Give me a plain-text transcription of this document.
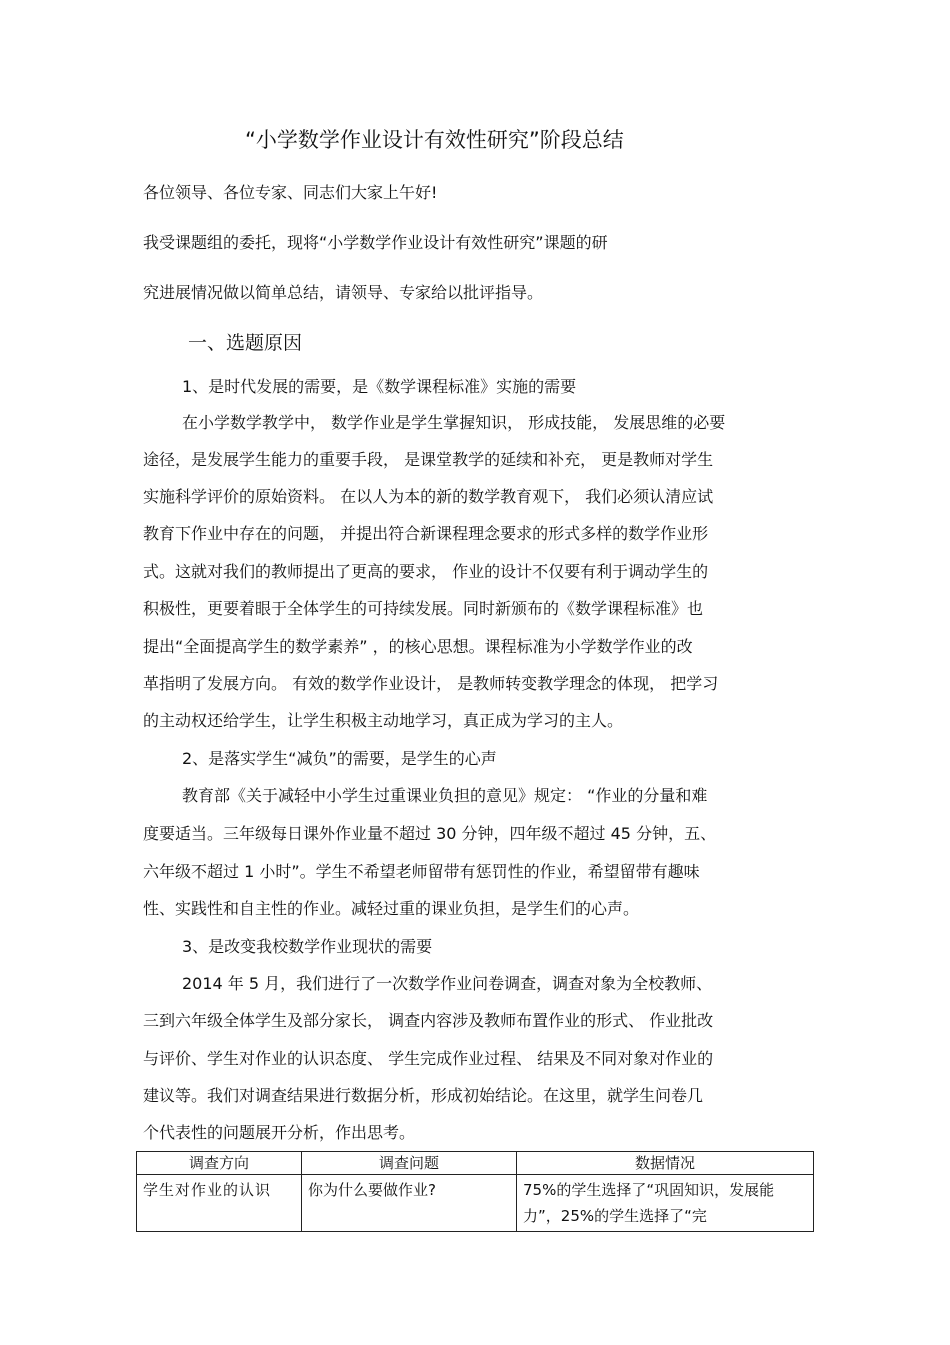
“小学数学作业设计有效性研究”阶段总结
各位领导、各位专家、同志们大家上午好!
我受课题组的委托，现将“小学数学作业设计有效性研究”课题的研
究进展情况做以简单总结，请领导、专家给以批评指导。
一、选题原因
1、是时代发展的需要，是《数学课程标准》实施的需要
在小学数学教学中， 数学作业是学生掌握知识， 形成技能， 发展思维的必要
途径，是发展学生能力的重要手段， 是课堂教学的延续和补充， 更是教师对学生
实施科学评价的原始资料。 在以人为本的新的数学教育观下， 我们必须认清应试
教育下作业中存在的问题， 并提出符合新课程理念要求的形式多样的数学作业形
式。这就对我们的教师提出了更高的要求， 作业的设计不仅要有利于调动学生的
积极性，更要着眼于全体学生的可持续发展。同时新颁布的《数学课程标准》也
提出“全面提高学生的数学素养” ，的核心思想。课程标准为小学数学作业的改
革指明了发展方向。 有效的数学作业设计， 是教师转变教学理念的体现， 把学习
的主动权还给学生，让学生积极主动地学习，真正成为学习的主人。
2、是落实学生“减负”的需要，是学生的心声
教育部《关于减轻中小学生过重课业负担的意见》规定： “作业的分量和难
度要适当。三年级每日课外作业量不超过 30 分钟，四年级不超过 45 分钟，五、
六年级不超过 1 小时”。学生不希望老师留带有惩罚性的作业，希望留带有趣味
性、实践性和自主性的作业。减轻过重的课业负担，是学生们的心声。
3、是改变我校数学作业现状的需要
2014 年 5 月，我们进行了一次数学作业问卷调查，调查对象为全校教师、
三到六年级全体学生及部分家长， 调查内容涉及教师布置作业的形式、 作业批改
与评价、学生对作业的认识态度、 学生完成作业过程、 结果及不同对象对作业的
建议等。我们对调查结果进行数据分析，形成初始结论。在这里，就学生问卷几
个代表性的问题展开分析，作出思考。
调查方向	调查问题	数据情况

学生对作业的认识	你为什么要做作业?	75%的学生选择了“巩固知识，发展能力”，25%的学生选择了“完
